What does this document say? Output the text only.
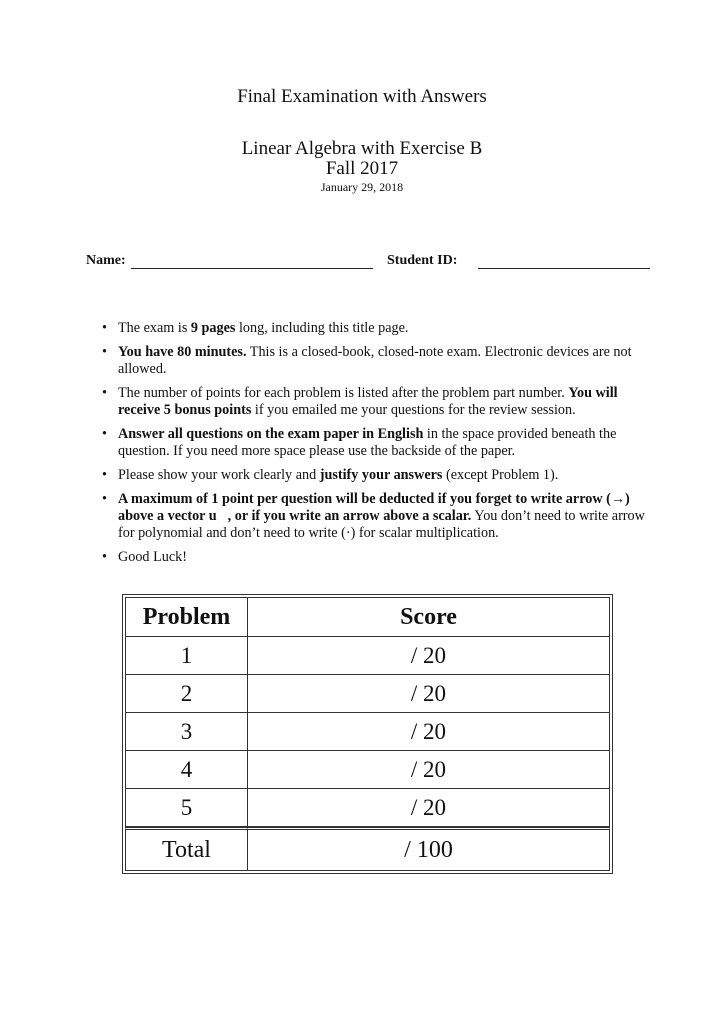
Final Examination with Answers
Linear Algebra with Exercise B
Fall 2017
January 29, 2018
Name:	Student ID:
• The exam is 9 pages long, including this title page.
• You have 80 minutes. This is a closed-book, closed-note exam. Electronic devices are not allowed.
• The number of points for each problem is listed after the problem part number. You will receive 5 bonus points if you emailed me your questions for the review session.
• Answer all questions on the exam paper in English in the space provided beneath the question. If you need more space please use the backside of the paper.
• Please show your work clearly and justify your answers (except Problem 1).
• A maximum of 1 point per question will be deducted if you forget to write arrow (→) above a vector u⃗, or if you write an arrow above a scalar. You don’t need to write arrow for polynomial and don’t need to write (·) for scalar multiplication.
• Good Luck!
Problem	Score
1	/ 20
2	/ 20
3	/ 20
4	/ 20
5	/ 20
Total	/ 100
